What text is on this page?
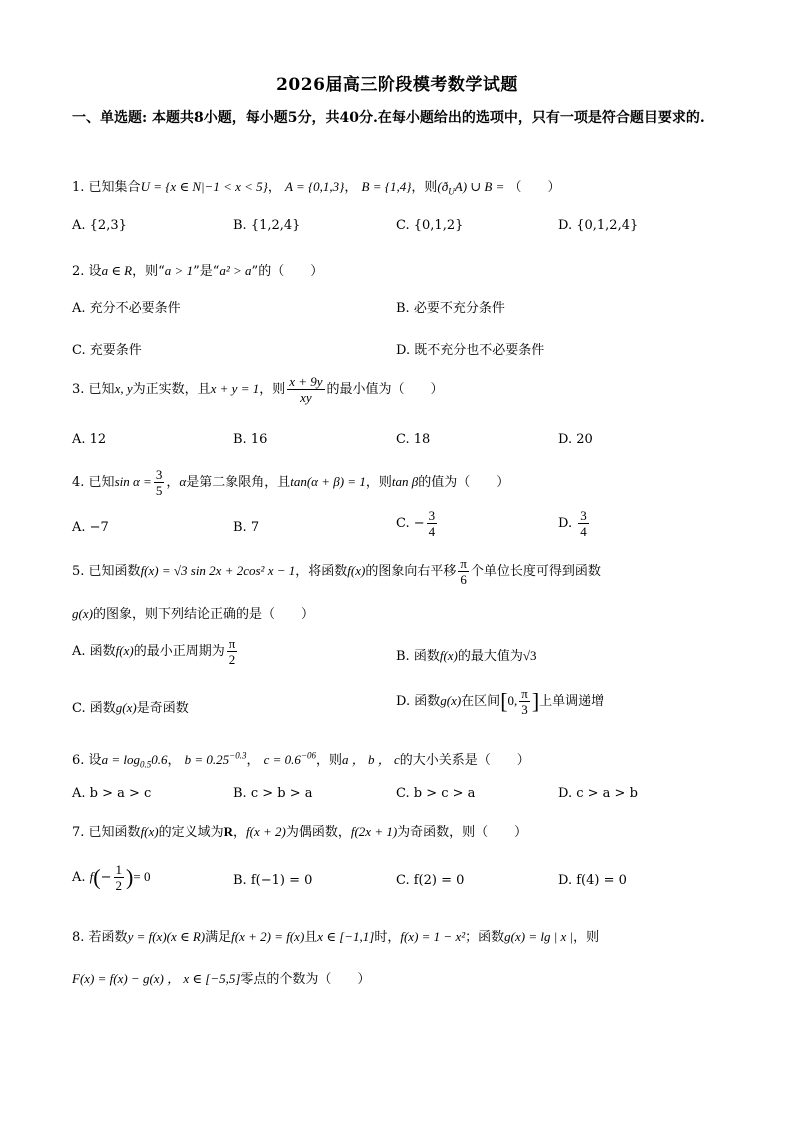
2026届高三阶段模考数学试题
一、单选题: 本题共8小题，每小题5分，共40分.在每小题给出的选项中，只有一项是符合题目要求的.
1. 已知集合U = {x ∈ N|−1 < x < 5}， A = {0,1,3}， B = {1,4}，则$(ð_UA)$ ∪ B = （　　）
A. {2,3}	B. {1,2,4}	C. {0,1,2}	D. {0,1,2,4}
2. 设a ∈ R，则“a > 1”是“a² > a”的（　　）
A. 充分不必要条件	B. 必要不充分条件
C. 充要条件	D. 既不充分也不必要条件
3. 已知x, y为正实数，且x + y = 1，则 $\frac{x + 9y}{xy}$ 的最小值为（　　）
A. 12	B. 16	C. 18	D. 20
4. 已知$\sin \alpha = \frac{3}{5}$ ，α是第二象限角，且tan(α + β) = 1，则tan β的值为（　　）
A. −7	B. 7	C. − $\frac{3}{4}$	D. $\frac{3}{4}$
5. 已知函数f(x) = √3 sin 2x + 2cos² x − 1，将函数f(x)的图象向右平移 $\frac{\pi}{6}$ 个单位长度可得到函数
g(x)的图象，则下列结论正确的是（　　）
A. 函数f(x)的最小正周期为 $\frac{\pi}{2}$	B. 函数f(x)的最大值为√3
C. 函数g(x)是奇函数	D. 函数g(x)在区间[0, $\frac{\pi}{3}$ ]上单调递增
6. 设$a = \log_{0.5}0.6$， $b = 0.25^{-0.3}$， $c = 0.6^{-06}$，则a ， b ， c的大小关系是（　　）
A. b > a > c	B. c > b > a	C. b > c > a	D. c > a > b
7. 已知函数f(x)的定义域为R，f(x + 2)为偶函数，f(2x + 1)为奇函数，则（　　）
A. $f(- \frac{1}{2}$ )= 0	B. f(−1) = 0	C. f(2) = 0	D. f(4) = 0
8. 若函数y = f(x)(x ∈ R)满足f(x + 2) = f(x)且x ∈ [−1,1]时，f(x) = 1 − x²；函数g(x) = lg | x |，则
F(x) = f(x) − g(x) ， x ∈ [−5,5]零点的个数为（　　）
